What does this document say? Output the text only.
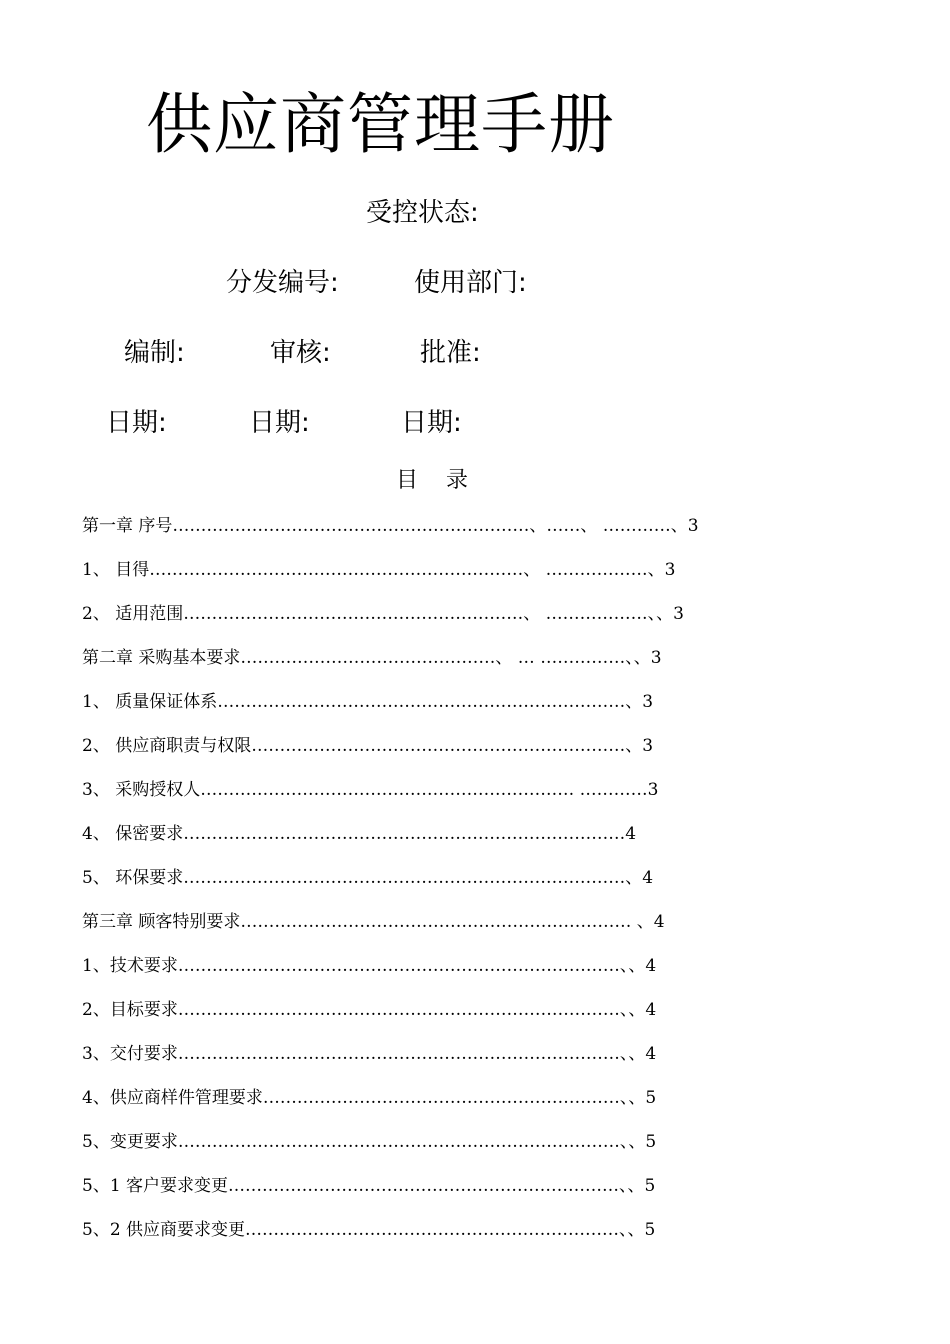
供应商管理手册
受控状态:
分发编号:	使用部门:
编制:	审核:	批准:
日期:	日期:	日期:
目    录
第一章 序号………………………………………………………、……、 …………、3
1、 目得…………………………………………………………、 ………………、3
2、 适用范围……………………………………………………、 ………………、、3
第二章 采购基本要求………………………………………、 … ……………、、3
1、 质量保证体系………………………………………………………………、3
2、 供应商职责与权限…………………………………………………………、3
3、 采购授权人………………………………………………………… …………3
4、 保密要求……………………………………………………………………4
5、 环保要求……………………………………………………………………、4
第三章 顾客特别要求…………………………………………………………… 、4
1、技术要求……………………………………………………………………、、4
2、目标要求……………………………………………………………………、、4
3、交付要求……………………………………………………………………、、4
4、供应商样件管理要求………………………………………………………、、5
5、变更要求……………………………………………………………………、、5
5、1 客户要求变更……………………………………………………………、、5
5、2 供应商要求变更…………………………………………………………、、5
